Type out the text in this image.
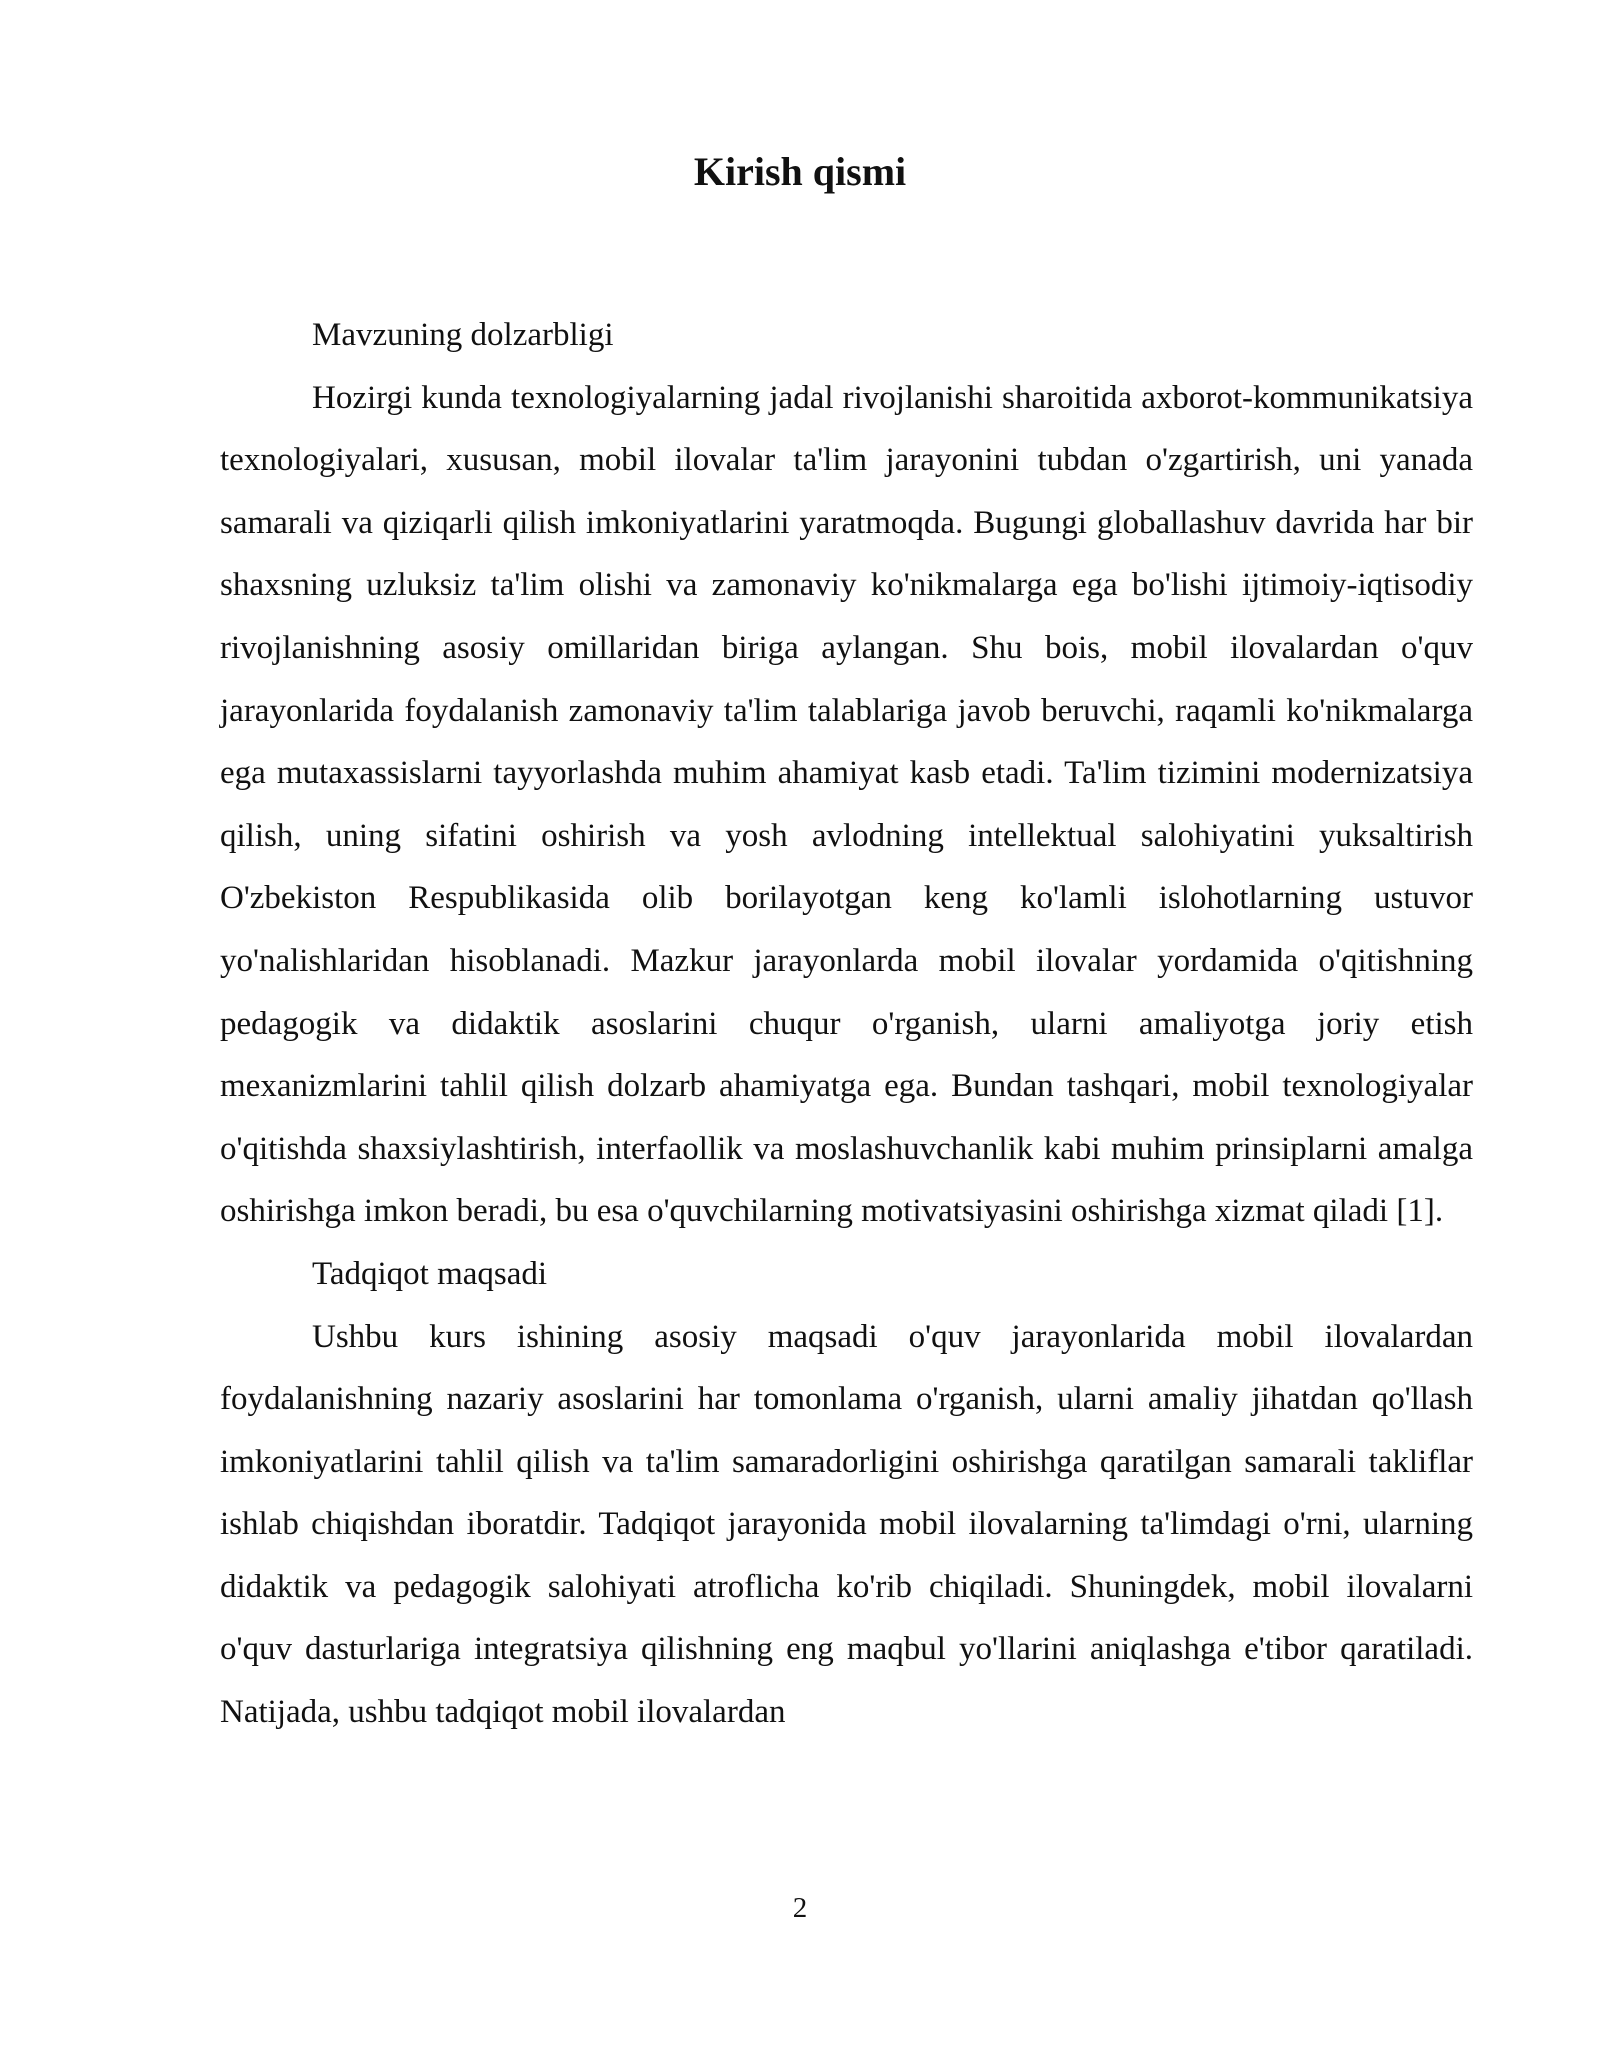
Kirish qismi

Mavzuning dolzarbligi

Hozirgi kunda texnologiyalarning jadal rivojlanishi sharoitida axborot-kommunikatsiya texnologiyalari, xususan, mobil ilovalar ta'lim jarayonini tubdan o'zgartirish, uni yanada samarali va qiziqarli qilish imkoniyatlarini yaratmoqda. Bugungi globallashuv davrida har bir shaxsning uzluksiz ta'lim olishi va zamonaviy ko'nikmalarga ega bo'lishi ijtimoiy-iqtisodiy rivojlanishning asosiy omillaridan biriga aylangan. Shu bois, mobil ilovalardan o'quv jarayonlarida foydalanish zamonaviy ta'lim talablariga javob beruvchi, raqamli ko'nikmalarga ega mutaxassislarni tayyorlashda muhim ahamiyat kasb etadi. Ta'lim tizimini modernizatsiya qilish, uning sifatini oshirish va yosh avlodning intellektual salohiyatini yuksaltirish O'zbekiston Respublikasida olib borilayotgan keng ko'lamli islohotlarning ustuvor yo'nalishlaridan hisoblanadi. Mazkur jarayonlarda mobil ilovalar yordamida o'qitishning pedagogik va didaktik asoslarini chuqur o'rganish, ularni amaliyotga joriy etish mexanizmlarini tahlil qilish dolzarb ahamiyatga ega. Bundan tashqari, mobil texnologiyalar o'qitishda shaxsiylashtirish, interfaollik va moslashuvchanlik kabi muhim prinsiplarni amalga oshirishga imkon beradi, bu esa o'quvchilarning motivatsiyasini oshirishga xizmat qiladi [1].

Tadqiqot maqsadi

Ushbu kurs ishining asosiy maqsadi o'quv jarayonlarida mobil ilovalardan foydalanishning nazariy asoslarini har tomonlama o'rganish, ularni amaliy jihatdan qo'llash imkoniyatlarini tahlil qilish va ta'lim samaradorligini oshirishga qaratilgan samarali takliflar ishlab chiqishdan iboratdir. Tadqiqot jarayonida mobil ilovalarning ta'limdagi o'rni, ularning didaktik va pedagogik salohiyati atroflicha ko'rib chiqiladi. Shuningdek, mobil ilovalarni o'quv dasturlariga integratsiya qilishning eng maqbul yo'llarini aniqlashga e'tibor qaratiladi. Natijada, ushbu tadqiqot mobil ilovalardan

2
